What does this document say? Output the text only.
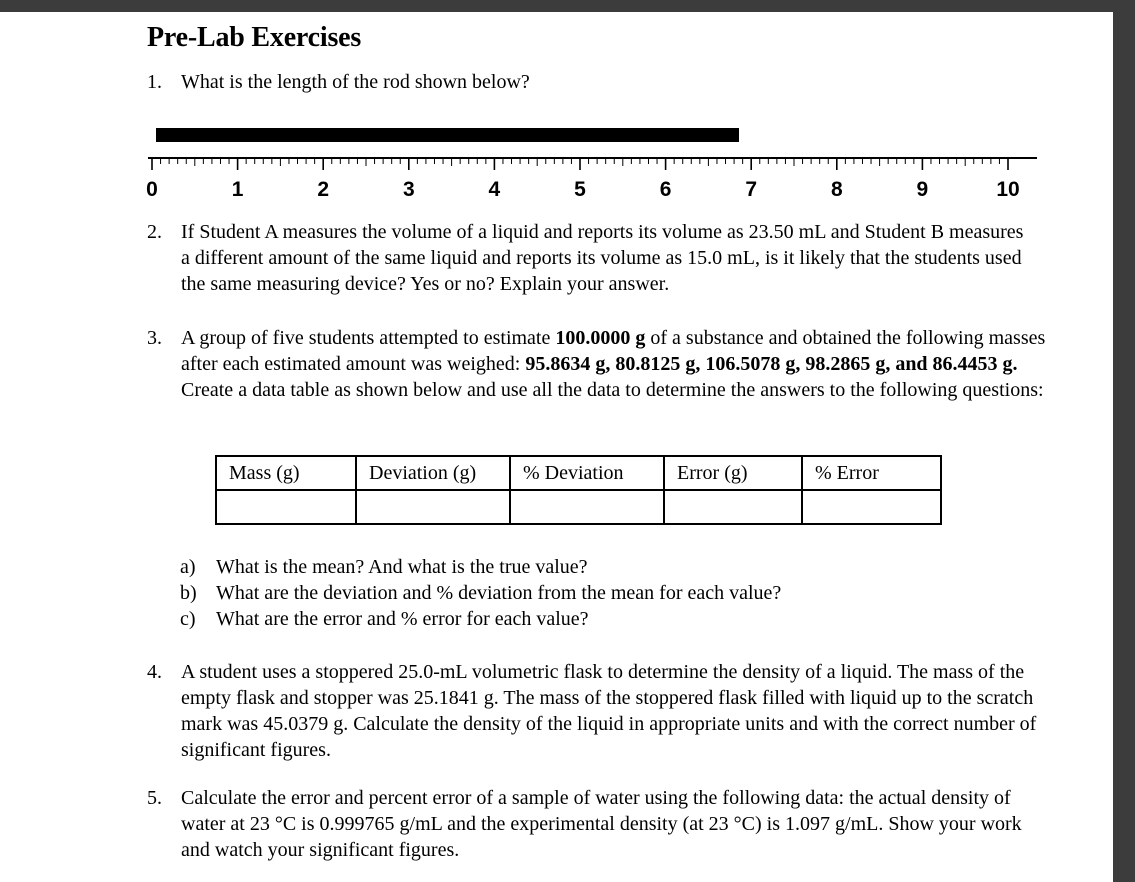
Pre-Lab Exercises
1. What is the length of the rod shown below?

0	1	2	3	4	5	6	7	8	9	10
2. If Student A measures the volume of a liquid and reports its volume as 23.50 mL and Student B measures a different amount of the same liquid and reports its volume as 15.0 mL, is it likely that the students used the same measuring device? Yes or no? Explain your answer.

3. A group of five students attempted to estimate 100.0000 g of a substance and obtained the following masses after each estimated amount was weighed: 95.8634 g, 80.8125 g, 106.5078 g, 98.2865 g, and 86.4453 g. Create a data table as shown below and use all the data to determine the answers to the following questions:

Mass (g)	Deviation (g)	% Deviation	Error (g)	% Error

a) What is the mean? And what is the true value?
b) What are the deviation and % deviation from the mean for each value?
c) What are the error and % error for each value?
4. A student uses a stoppered 25.0-mL volumetric flask to determine the density of a liquid. The mass of the empty flask and stopper was 25.1841 g. The mass of the stoppered flask filled with liquid up to the scratch mark was 45.0379 g. Calculate the density of the liquid in appropriate units and with the correct number of significant figures.

5. Calculate the error and percent error of a sample of water using the following data: the actual density of water at 23 °C is 0.999765 g/mL and the experimental density (at 23 °C) is 1.097 g/mL. Show your work and watch your significant figures.
